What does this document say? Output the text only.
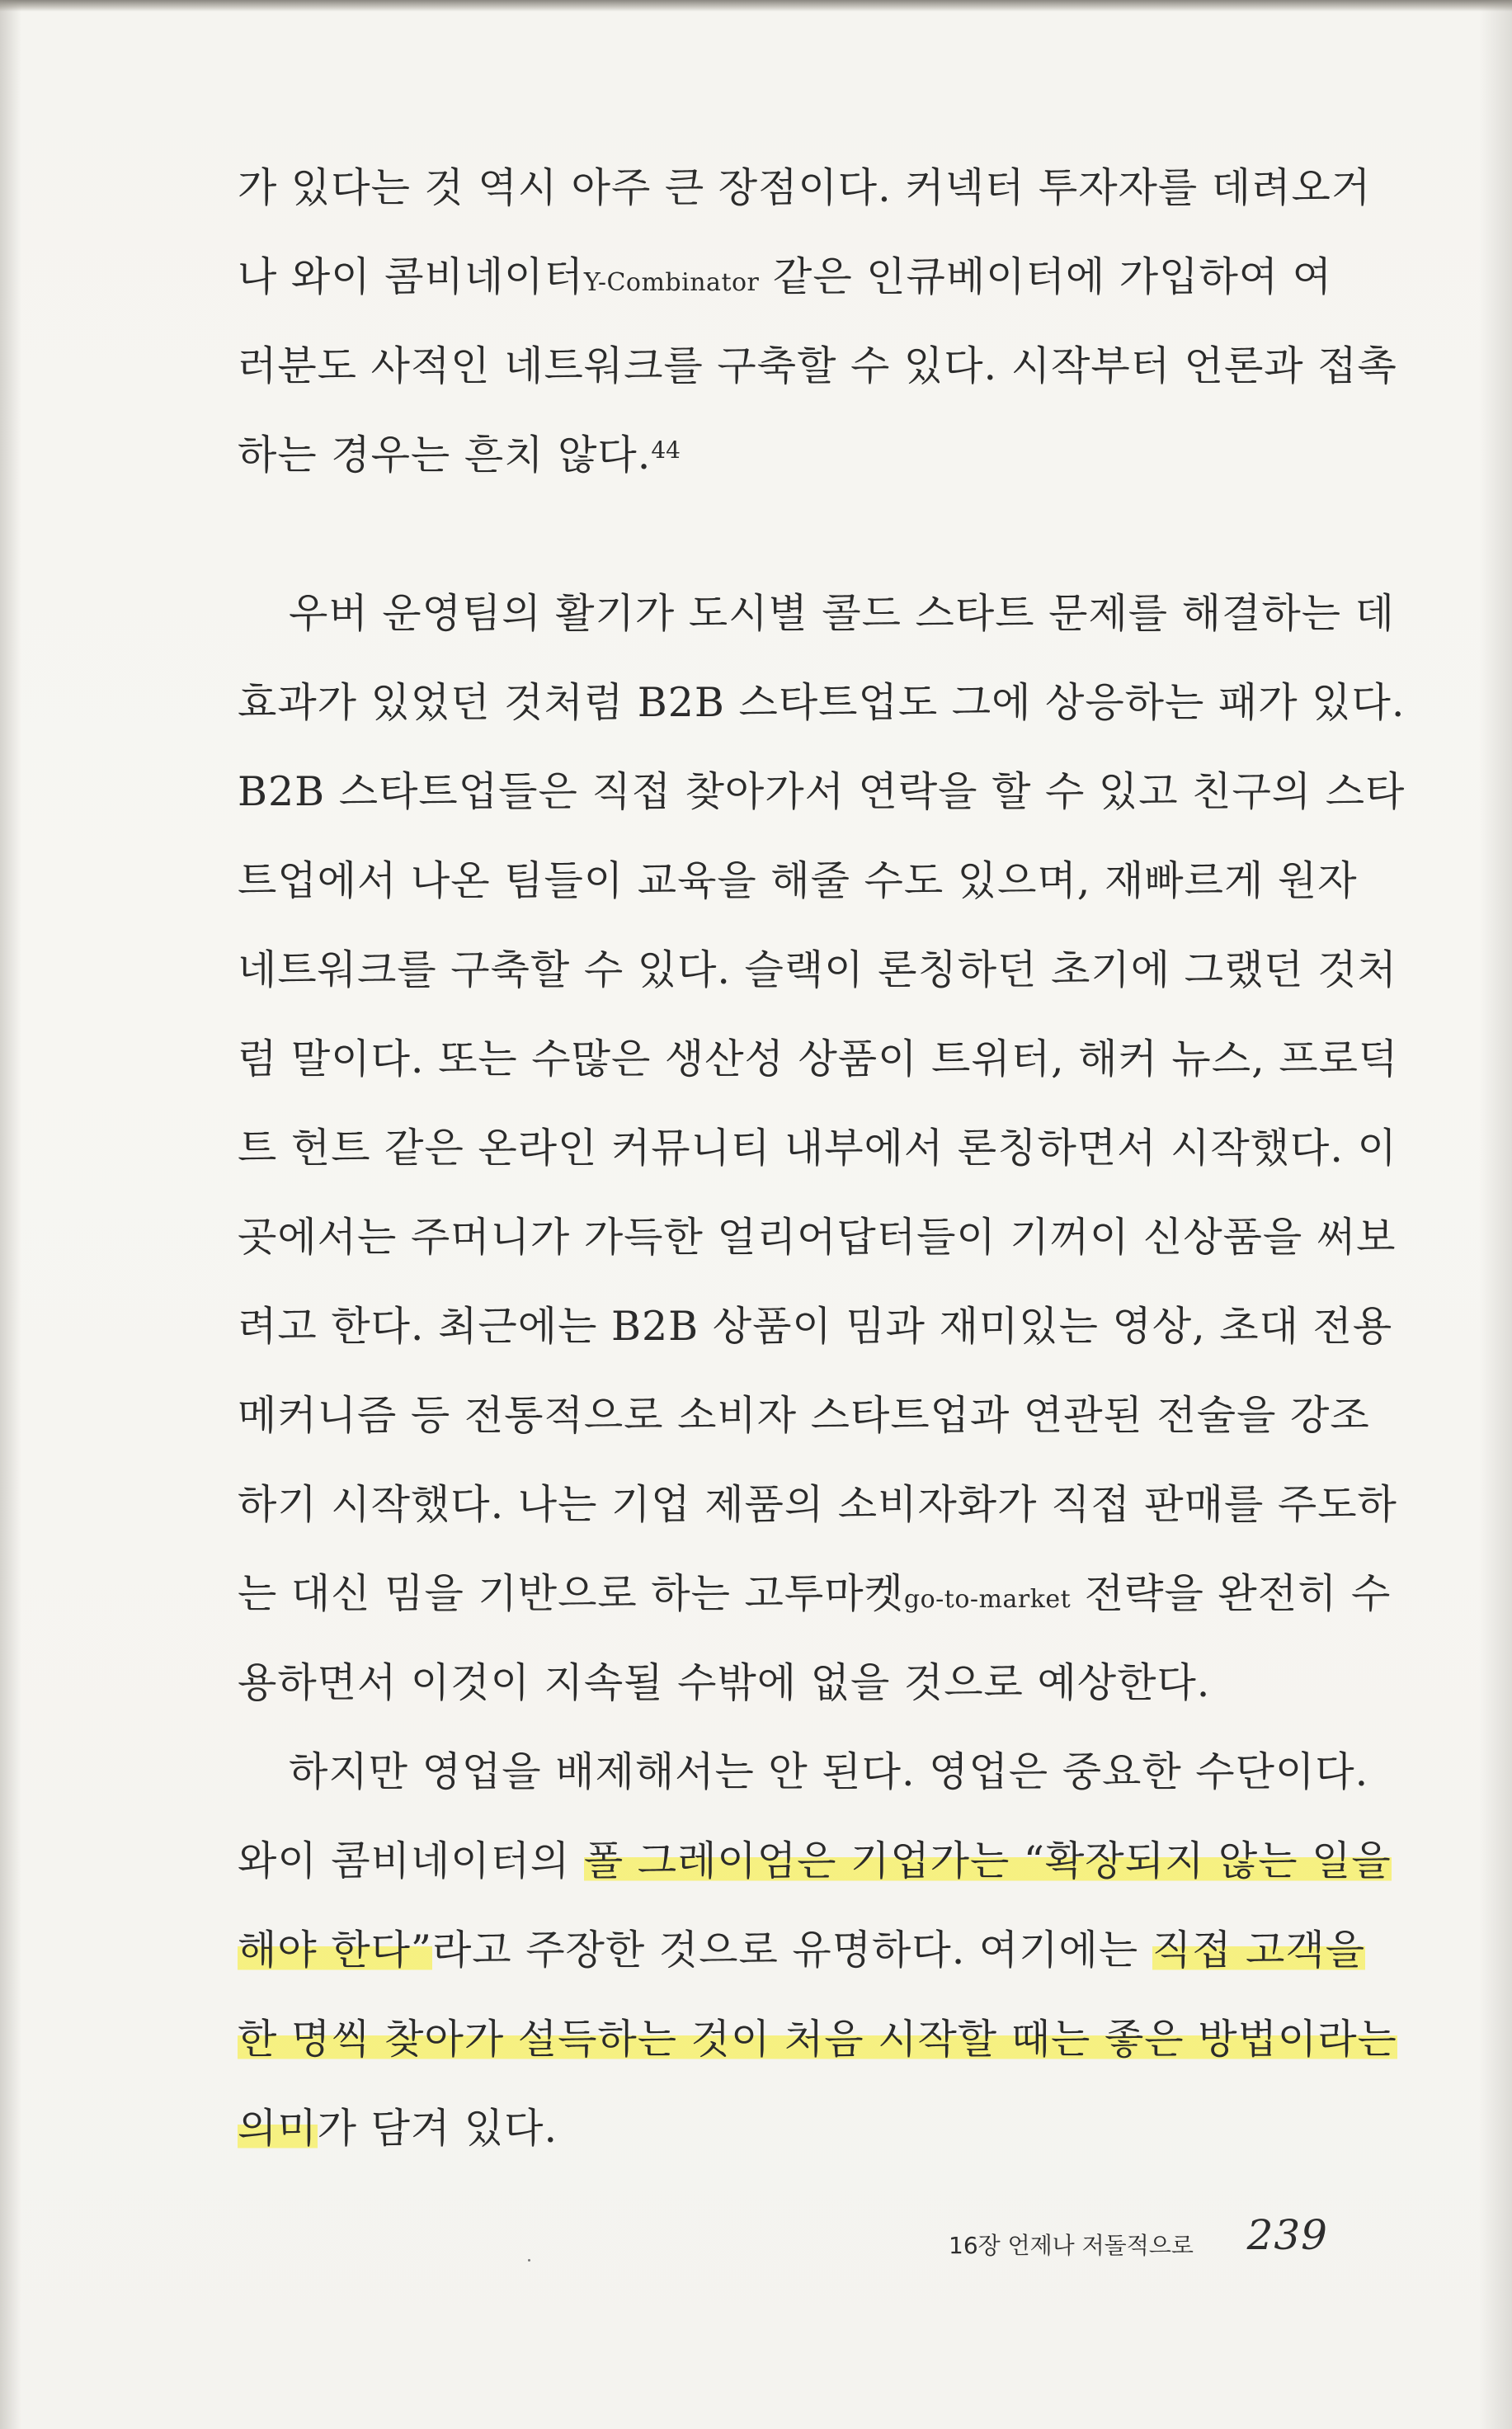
가 있다는 것 역시 아주 큰 장점이다. 커넥터 투자자를 데려오거
나 와이 콤비네이터Y-Combinator 같은 인큐베이터에 가입하여 여
러분도 사적인 네트워크를 구축할 수 있다. 시작부터 언론과 접촉
하는 경우는 흔치 않다.$^{44}$
우버 운영팀의 활기가 도시별 콜드 스타트 문제를 해결하는 데
효과가 있었던 것처럼 B2B 스타트업도 그에 상응하는 패가 있다.
B2B 스타트업들은 직접 찾아가서 연락을 할 수 있고 친구의 스타
트업에서 나온 팀들이 교육을 해줄 수도 있으며, 재빠르게 원자
네트워크를 구축할 수 있다. 슬랙이 론칭하던 초기에 그랬던 것처
럼 말이다. 또는 수많은 생산성 상품이 트위터, 해커 뉴스, 프로덕
트 헌트 같은 온라인 커뮤니티 내부에서 론칭하면서 시작했다. 이
곳에서는 주머니가 가득한 얼리어답터들이 기꺼이 신상품을 써보
려고 한다. 최근에는 B2B 상품이 밈과 재미있는 영상, 초대 전용
메커니즘 등 전통적으로 소비자 스타트업과 연관된 전술을 강조
하기 시작했다. 나는 기업 제품의 소비자화가 직접 판매를 주도하
는 대신 밈을 기반으로 하는 고투마켓go-to-market 전략을 완전히 수
용하면서 이것이 지속될 수밖에 없을 것으로 예상한다.
하지만 영업을 배제해서는 안 된다. 영업은 중요한 수단이다.
와이 콤비네이터의 폴 그레이엄은 기업가는 “확장되지 않는 일을
해야 한다”라고 주장한 것으로 유명하다. 여기에는 직접 고객을
한 명씩 찾아가 설득하는 것이 처음 시작할 때는 좋은 방법이라는
의미가 담겨 있다.
16장 언제나 저돌적으로 239
